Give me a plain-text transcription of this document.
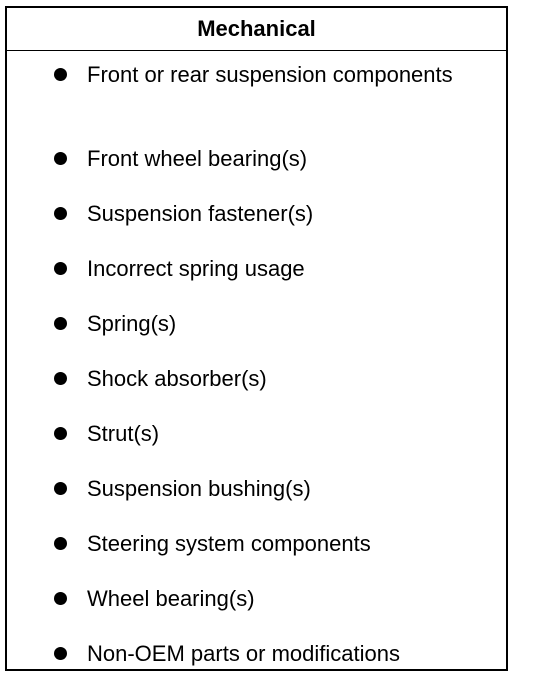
Mechanical
Front or rear suspension components
Front wheel bearing(s)
Suspension fastener(s)
Incorrect spring usage
Spring(s)
Shock absorber(s)
Strut(s)
Suspension bushing(s)
Steering system components
Wheel bearing(s)
Non-OEM parts or modifications
